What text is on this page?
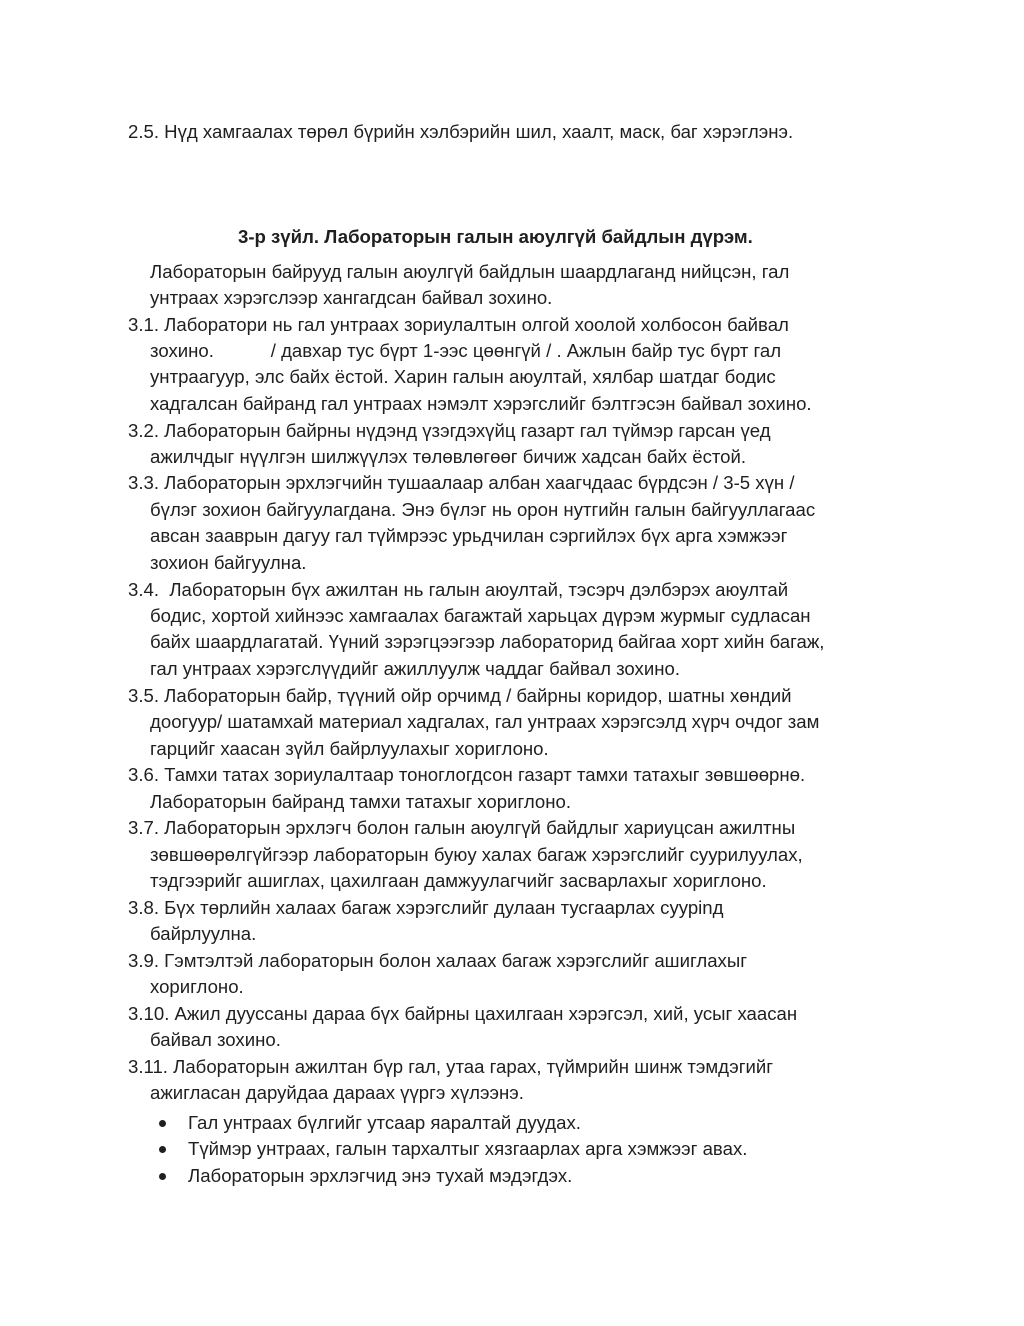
2.5. Нүд хамгаалах төрөл бүрийн хэлбэрийн шил, хаалт, маск, баг хэрэглэнэ.
3-р зүйл. Лабораторын галын аюулгүй байдлын дүрэм.
Лабораторын байрууд галын аюулгүй байдлын шаардлаганд нийцсэн, гал
унтраах хэрэгслээр хангагдсан байвал зохино.
3.1. Лаборатори нь гал унтраах зориулалтын олгой хоолой холбосон байвал
зохино.           / давхар тус бүрт 1-ээс цөөнгүй / . Ажлын байр тус бүрт гал
унтраагуур, элс байх ёстой. Харин галын аюултай, хялбар шатдаг бодис
хадгалсан байранд гал унтраах нэмэлт хэрэгслийг бэлтгэсэн байвал зохино.
3.2. Лабораторын байрны нүдэнд үзэгдэхүйц газарт гал түймэр гарсан үед
ажилчдыг нүүлгэн шилжүүлэх төлөвлөгөөг бичиж хадсан байх ёстой.
3.3. Лабораторын эрхлэгчийн тушаалаар албан хаагчдаас бүрдсэн / 3-5 хүн /
бүлэг зохион байгуулагдана. Энэ бүлэг нь орон нутгийн галын байгууллагаас
авсан зааврын дагуу гал түймрээс урьдчилан сэргийлэх бүх арга хэмжээг
зохион байгуулна.
3.4.  Лабораторын бүх ажилтан нь галын аюултай, тэсэрч дэлбэрэх аюултай
бодис, хортой хийнээс хамгаалах багажтай харьцах дүрэм журмыг судласан
байх шаардлагатай. Үүний зэрэгцээгээр лабораторид байгаа хорт хийн багаж,
гал унтраах хэрэгслүүдийг ажиллуулж чаддаг байвал зохино.
3.5. Лабораторын байр, түүний ойр орчимд / байрны коридор, шатны хөндий
доогуур/ шатамхай материал хадгалах, гал унтраах хэрэгсэлд хүрч очдог зам
гарцийг хаасан зүйл байрлуулахыг хориглоно.
3.6. Тамхи татах зориулалтаар тоноглогдсон газарт тамхи татахыг зөвшөөрнө.
Лабораторын байранд тамхи татахыг хориглоно.
3.7. Лабораторын эрхлэгч болон галын аюулгүй байдлыг хариуцсан ажилтны
зөвшөөрөлгүйгээр лабораторын буюу халах багаж хэрэгслийг суурилуулах,
тэдгээрийг ашиглах, цахилгаан дамжуулагчийг засварлахыг хориглоно.
3.8. Бүх төрлийн халаах багаж хэрэгслийг дулаан тусгаарлах суурinд
байрлуулна.
3.9. Гэмтэлтэй лабораторын болон халаах багаж хэрэгслийг ашиглахыг
хориглоно.
3.10. Ажил дууссаны дараа бүх байрны цахилгаан хэрэгсэл, хий, усыг хаасан
байвал зохино.
3.11. Лабораторын ажилтан бүр гал, утаа гарах, түймрийн шинж тэмдэгийг
ажигласан даруйдаа дараах үүргэ хүлээнэ.
Гал унтраах бүлгийг утсаар яаралтай дуудах.
Түймэр унтраах, галын тархалтыг хязгаарлах арга хэмжээг авах.
Лабораторын эрхлэгчид энэ тухай мэдэгдэх.
